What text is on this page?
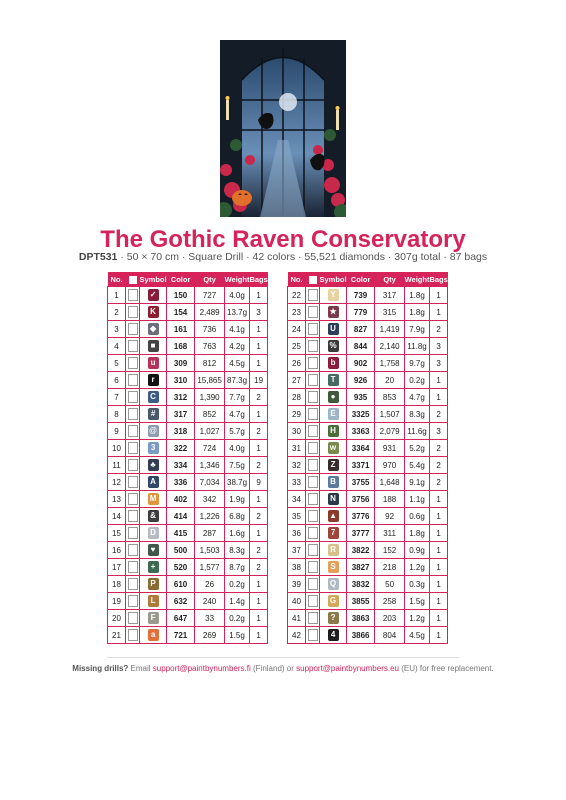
The Gothic Raven Conservatory
DPT531 · 50 × 70 cm · Square Drill · 42 colors · 55,521 diamonds · 307g total · 87 bags
No.		Symbol	Color	Qty	Weight	Bags
1		✓	150	727	4.0g	1
2		K	154	2,489	13.7g	3
3		◆	161	736	4.1g	1
4		■	168	763	4.2g	1
5		u	309	812	4.5g	1
6		r	310	15,865	87.3g	19
7		C	312	1,390	7.7g	2
8		#	317	852	4.7g	1
9		@	318	1,027	5.7g	2
10		3	322	724	4.0g	1
11		♣	334	1,346	7.5g	2
12		A	336	7,034	38.7g	9
13		M	402	342	1.9g	1
14		&	414	1,226	6.8g	2
15		D	415	287	1.6g	1
16		♥	500	1,503	8.3g	2
17		+	520	1,577	8.7g	2
18		P	610	26	0.2g	1
19		L	632	240	1.4g	1
20		F	647	33	0.2g	1
21		a	721	269	1.5g	1
No.		Symbol	Color	Qty	Weight	Bags
22		Y	739	317	1.8g	1
23		★	779	315	1.8g	1
24		U	827	1,419	7.9g	2
25		%	844	2,140	11.8g	3
26		b	902	1,758	9.7g	3
27		T	926	20	0.2g	1
28		●	935	853	4.7g	1
29		E	3325	1,507	8.3g	2
30		H	3363	2,079	11.6g	3
31		w	3364	931	5.2g	2
32		Z	3371	970	5.4g	2
33		B	3755	1,648	9.1g	2
34		N	3756	188	1.1g	1
35		▲	3776	92	0.6g	1
36		7	3777	311	1.8g	1
37		R	3822	152	0.9g	1
38		S	3827	218	1.2g	1
39		Q	3832	50	0.3g	1
40		G	3855	258	1.5g	1
41		?	3863	203	1.2g	1
42		4	3866	804	4.5g	1
Missing drills? Email support@paintbynumbers.fi (Finland) or support@paintbynumbers.eu (EU) for free replacement.
